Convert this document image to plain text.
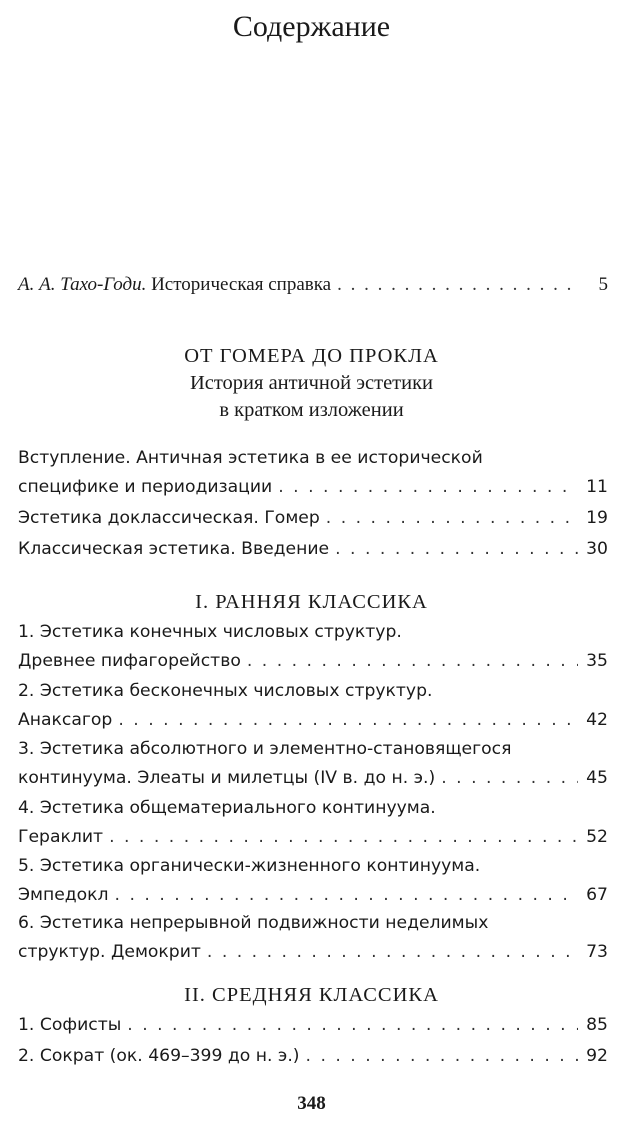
Содержание
А. А. Тахо-Годи.
Историческая справка . . .	5
ОТ ГОМЕРА ДО ПРОКЛА
История античной эстетики
в кратком изложении
Вступление. Античная эстетика в ее исторической
специфике и периодизации . . .	11
Эстетика доклассическая. Гомер . . .	19
Классическая эстетика. Введение . . .	30
I. РАННЯЯ КЛАССИКА
1. Эстетика конечных числовых структур.
Древнее пифагорейство . . .	35
2. Эстетика бесконечных числовых структур.
Анаксагор . . .	42
3. Эстетика абсолютного и элементно-становящегося
континуума. Элеаты и милетцы (IV в. до н. э.) . . .	45
4. Эстетика общематериального континуума.
Гераклит . . .	52
5. Эстетика органически-жизненного континуума.
Эмпедокл . . .	67
6. Эстетика непрерывной подвижности неделимых
структур. Демокрит . . .	73
II. СРЕДНЯЯ КЛАССИКА
1. Софисты . . .	85
2. Сократ (ок. 469–399 до н. э.) . . .	92
348
